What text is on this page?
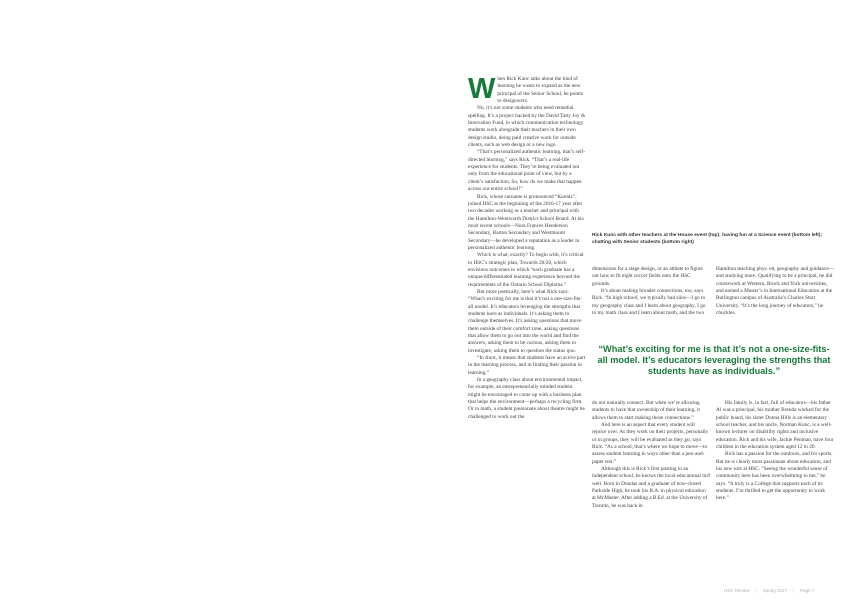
2
College Life
It’s All About
Challenge
How Senior School Principal Rick Kunc wants to help students out of their comfort zone
by JENNIFER PARDINI
➜

When Rick Kunc talks about the kind of learning he wants to expand as the new principal of the Senior School, he points to designwerx.

No, it’s not some students who need remedial spelling. It’s a project backed by the David Tatty Joy & Innovation Fund, in which communication technology students work alongside their teachers in their own design studio, doing paid creative work for outside clients, such as web design or a new logo.

“That’s personalized authentic learning, that’s self-directed learning,” says Rick. “That’s a real-life experience for students. They’re being evaluated not only from the educational point of view, but by a client’s satisfaction. So, how do we make that happen across our entire school?”

Rick, whose surname is pronounced “Koontz”, joined HSC at the beginning of the 2016-17 year after two decades working as a teacher and principal with the Hamilton-Wentworth District School Board. At his most recent schools—Nora Frances Henderson Secondary, Barton Secondary and Westmount Secondary—he developed a reputation as a leader in personalized authentic learning.

Which is what, exactly? To begin with, it’s critical to HSC’s strategic plan, Towards 20/20, which envisions outcomes in which “each graduate has a unique/differentiated learning experience beyond the requirements of the Ontario School Diploma.”

But more poetically, here’s what Rick says: “What’s exciting for me is that it’s not a one-size-fits-all model. It’s educators leveraging the strengths that students have as individuals. It’s asking them to challenge themselves. It’s asking questions that move them outside of their comfort zone, asking questions that allow them to go out into the world and find the answers, asking them to be curious, asking them to investigate, asking them to question the status quo.

“In short, it means that students have an active part in the learning process, and in finding their passion in learning.”

In a geography class about environmental impact, for example, an entrepreneurially minded student might be encouraged to come up with a business plan that helps the environment—perhaps a recycling firm. Or in math, a student passionate about theatre might be challenged to work out the

Rick Kunc with other teachers at the House event (top); having fun at a Science event (bottom left); chatting with Senior students (bottom right)

dimensions for a stage design, or an athlete to figure out how to fit eight soccer fields onto the HSC grounds.

It’s about making broader connections, too, says Rick. “In high school, we typically had silos—I go to my geography class and I learn about geography, I go to my math class and I learn about math, and the two

Hamilton teaching phys. ed, geography and guidance—and studying more. Qualifying to be a principal, he did coursework at Western, Brock and York universities, and earned a Master’s in International Education at the Burlington campus of Australia’s Charles Sturt University. “It’s the long journey of educators,” he chuckles.

“What’s exciting for me is that it’s not a one-size-fits-all model. It’s educators leveraging the strengths that students have as individuals.”

do not naturally connect. But when we’re allowing students to have that ownership of their learning, it allows them to start making those connections.”

And here is an aspect that every student will rejoice over. As they work on their projects, personally or in groups, they will be evaluated as they go, says Rick. “As a school, that’s where we hope to move—to assess student learning in ways other than a pen-and-paper test.”

Although this is Rick’s first posting in an independent school, he knows the local educational turf well. Born in Dundas and a graduate of now-closed Parkside High, he took his B.A. in physical education at McMaster. After adding a B.Ed. at the University of Toronto, he was back in

His family is, in fact, full of educators—his father Al was a principal, his mother Brenda worked for the public board, his sister Donna Hills is an elementary school teacher, and his uncle, Norman Kunc, is a well-known lecturer on disability rights and inclusive education. Rick and his wife, Jackie Penman, have four children in the education system aged 12 to 20.

Rick has a passion for the outdoors, and for sports. But he is clearly most passionate about education, and his new role at HSC. “Seeing the wonderful sense of community here has been overwhelming to me,” he says. “It truly is a College that supports each of its students. I’m thrilled to get the opportunity to work here.”

HSC Review | Spring 2017 | Page 7
